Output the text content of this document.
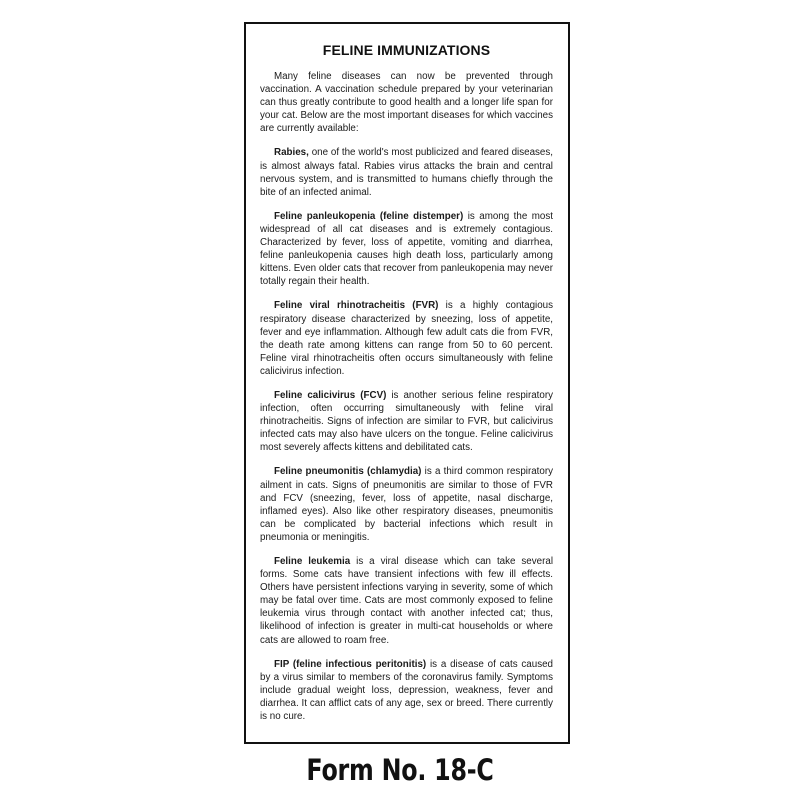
FELINE IMMUNIZATIONS

Many feline diseases can now be prevented through vaccination. A vaccination schedule prepared by your veterinarian can thus greatly contribute to good health and a longer life span for your cat. Below are the most important diseases for which vaccines are currently available:

Rabies, one of the world's most publicized and feared diseases, is almost always fatal. Rabies virus attacks the brain and central nervous system, and is transmitted to humans chiefly through the bite of an infected animal.

Feline panleukopenia (feline distemper) is among the most widespread of all cat diseases and is extremely contagious. Characterized by fever, loss of appetite, vomiting and diarrhea, feline panleukopenia causes high death loss, particularly among kittens. Even older cats that recover from panleukopenia may never totally regain their health.

Feline viral rhinotracheitis (FVR) is a highly contagious respiratory disease characterized by sneezing, loss of appetite, fever and eye inflammation. Although few adult cats die from FVR, the death rate among kittens can range from 50 to 60 percent. Feline viral rhinotracheitis often occurs simultaneously with feline calicivirus infection.

Feline calicivirus (FCV) is another serious feline respiratory infection, often occurring simultaneously with feline viral rhinotracheitis. Signs of infection are similar to FVR, but calicivirus infected cats may also have ulcers on the tongue. Feline calicivirus most severely affects kittens and debilitated cats.

Feline pneumonitis (chlamydia) is a third common respiratory ailment in cats. Signs of pneumonitis are similar to those of FVR and FCV (sneezing, fever, loss of appetite, nasal discharge, inflamed eyes). Also like other respiratory diseases, pneumonitis can be complicated by bacterial infections which result in pneumonia or meningitis.

Feline leukemia is a viral disease which can take several forms. Some cats have transient infections with few ill effects. Others have persistent infections varying in severity, some of which may be fatal over time. Cats are most commonly exposed to feline leukemia virus through contact with another infected cat; thus, likelihood of infection is greater in multi-cat households or where cats are allowed to roam free.

FIP (feline infectious peritonitis) is a disease of cats caused by a virus similar to members of the coronavirus family. Symptoms include gradual weight loss, depression, weakness, fever and diarrhea. It can afflict cats of any age, sex or breed. There currently is no cure.

Form No. 18-C
